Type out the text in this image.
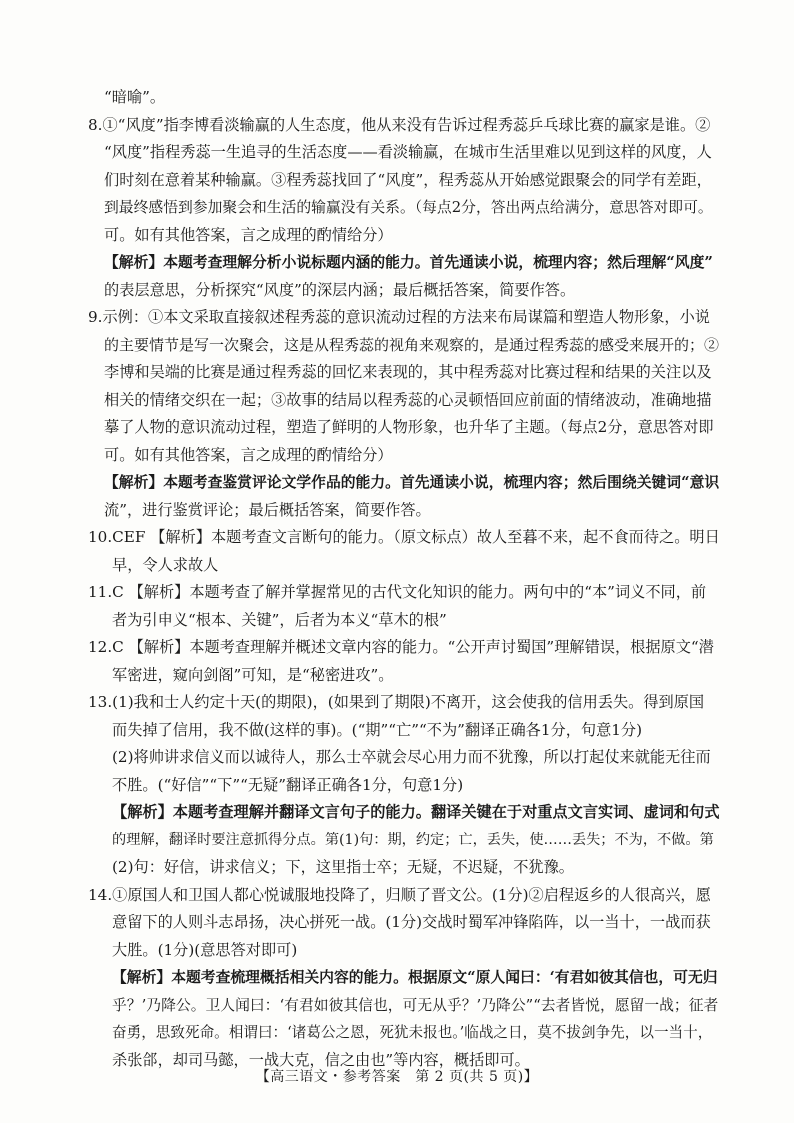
“暗喻”。

8.①“风度”指李博看淡输赢的人生态度，他从来没有告诉过程秀蕊乒乓球比赛的赢家是谁。②

“风度”指程秀蕊一生追寻的生活态度——看淡输赢，在城市生活里难以见到这样的风度，人

们时刻在意着某种输赢。③程秀蕊找回了“风度”，程秀蕊从开始感觉跟聚会的同学有差距，

到最终感悟到参加聚会和生活的输赢没有关系。（每点2分，答出两点给满分，意思答对即可。

可。如有其他答案，言之成理的酌情给分）

【解析】本题考查理解分析小说标题内涵的能力。首先通读小说，梳理内容；然后理解“风度”

的表层意思，分析探究“风度”的深层内涵；最后概括答案，简要作答。

9.示例：①本文采取直接叙述程秀蕊的意识流动过程的方法来布局谋篇和塑造人物形象，小说

的主要情节是写一次聚会，这是从程秀蕊的视角来观察的，是通过程秀蕊的感受来展开的；②

李博和吴端的比赛是通过程秀蕊的回忆来表现的，其中程秀蕊对比赛过程和结果的关注以及

相关的情绪交织在一起；③故事的结局以程秀蕊的心灵顿悟回应前面的情绪波动，准确地描

摹了人物的意识流动过程，塑造了鲜明的人物形象，也升华了主题。（每点2分，意思答对即

可。如有其他答案，言之成理的酌情给分）

【解析】本题考查鉴赏评论文学作品的能力。首先通读小说，梳理内容；然后围绕关键词“意识

流”，进行鉴赏评论；最后概括答案，简要作答。

10.CEF 【解析】本题考查文言断句的能力。（原文标点）故人至暮不来，起不食而待之。明日

早，令人求故人

11.C 【解析】本题考查了解并掌握常见的古代文化知识的能力。两句中的“本”词义不同，前

者为引申义“根本、关键”，后者为本义“草木的根”

12.C 【解析】本题考查理解并概述文章内容的能力。“公开声讨蜀国”理解错误，根据原文“潜

军密进，窥向剑阁”可知，是“秘密进攻”。

13.(1)我和士人约定十天(的期限)，(如果到了期限)不离开，这会使我的信用丢失。得到原国

而失掉了信用，我不做(这样的事)。(“期”“亡”“不为”翻译正确各1分，句意1分)

(2)将帅讲求信义而以诚待人，那么士卒就会尽心用力而不犹豫，所以打起仗来就能无往而

不胜。(“好信”“下”“无疑”翻译正确各1分，句意1分)

【解析】本题考查理解并翻译文言句子的能力。翻译关键在于对重点文言实词、虚词和句式

的理解，翻译时要注意抓得分点。第(1)句：期，约定；亡，丢失，使……丢失；不为，不做。第

(2)句：好信，讲求信义；下，这里指士卒；无疑，不迟疑，不犹豫。

14.①原国人和卫国人都心悦诚服地投降了，归顺了晋文公。(1分)②启程返乡的人很高兴，愿

意留下的人则斗志昂扬，决心拼死一战。(1分)交战时蜀军冲锋陷阵，以一当十，一战而获

大胜。(1分)(意思答对即可)

【解析】本题考查梳理概括相关内容的能力。根据原文“原人闻曰：‘有君如彼其信也，可无归

乎？’乃降公。卫人闻曰：‘有君如彼其信也，可无从乎？’乃降公”“去者皆悦，愿留一战；征者

奋勇，思致死命。相谓曰：‘诸葛公之恩，死犹未报也。’临战之日，莫不拔剑争先，以一当十，

杀张郃，却司马懿，一战大克，信之由也”等内容，概括即可。

【高三语文・参考答案　第 2 页(共 5 页)】
